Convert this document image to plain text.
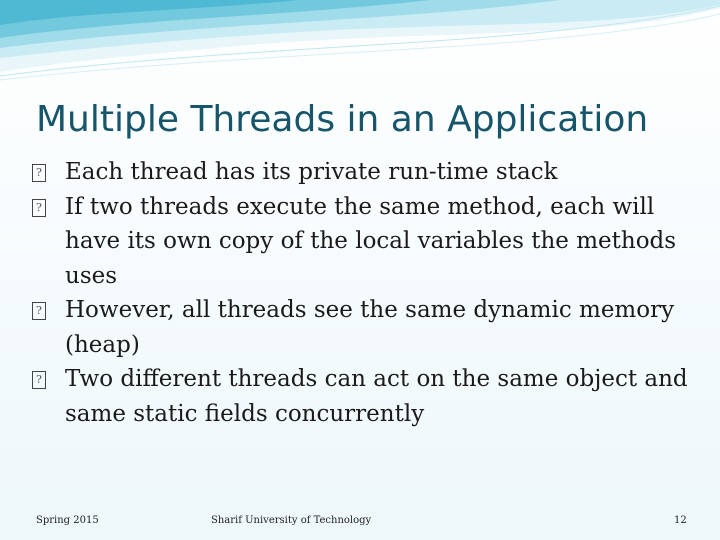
Multiple Threads in an Application
? Each thread has its private run-time stack
? If two threads execute the same method, each will have its own copy of the local variables the methods uses
? However, all threads see the same dynamic memory (heap)
? Two different threads can act on the same object and same static fields concurrently
Spring 2015	Sharif University of Technology	12
